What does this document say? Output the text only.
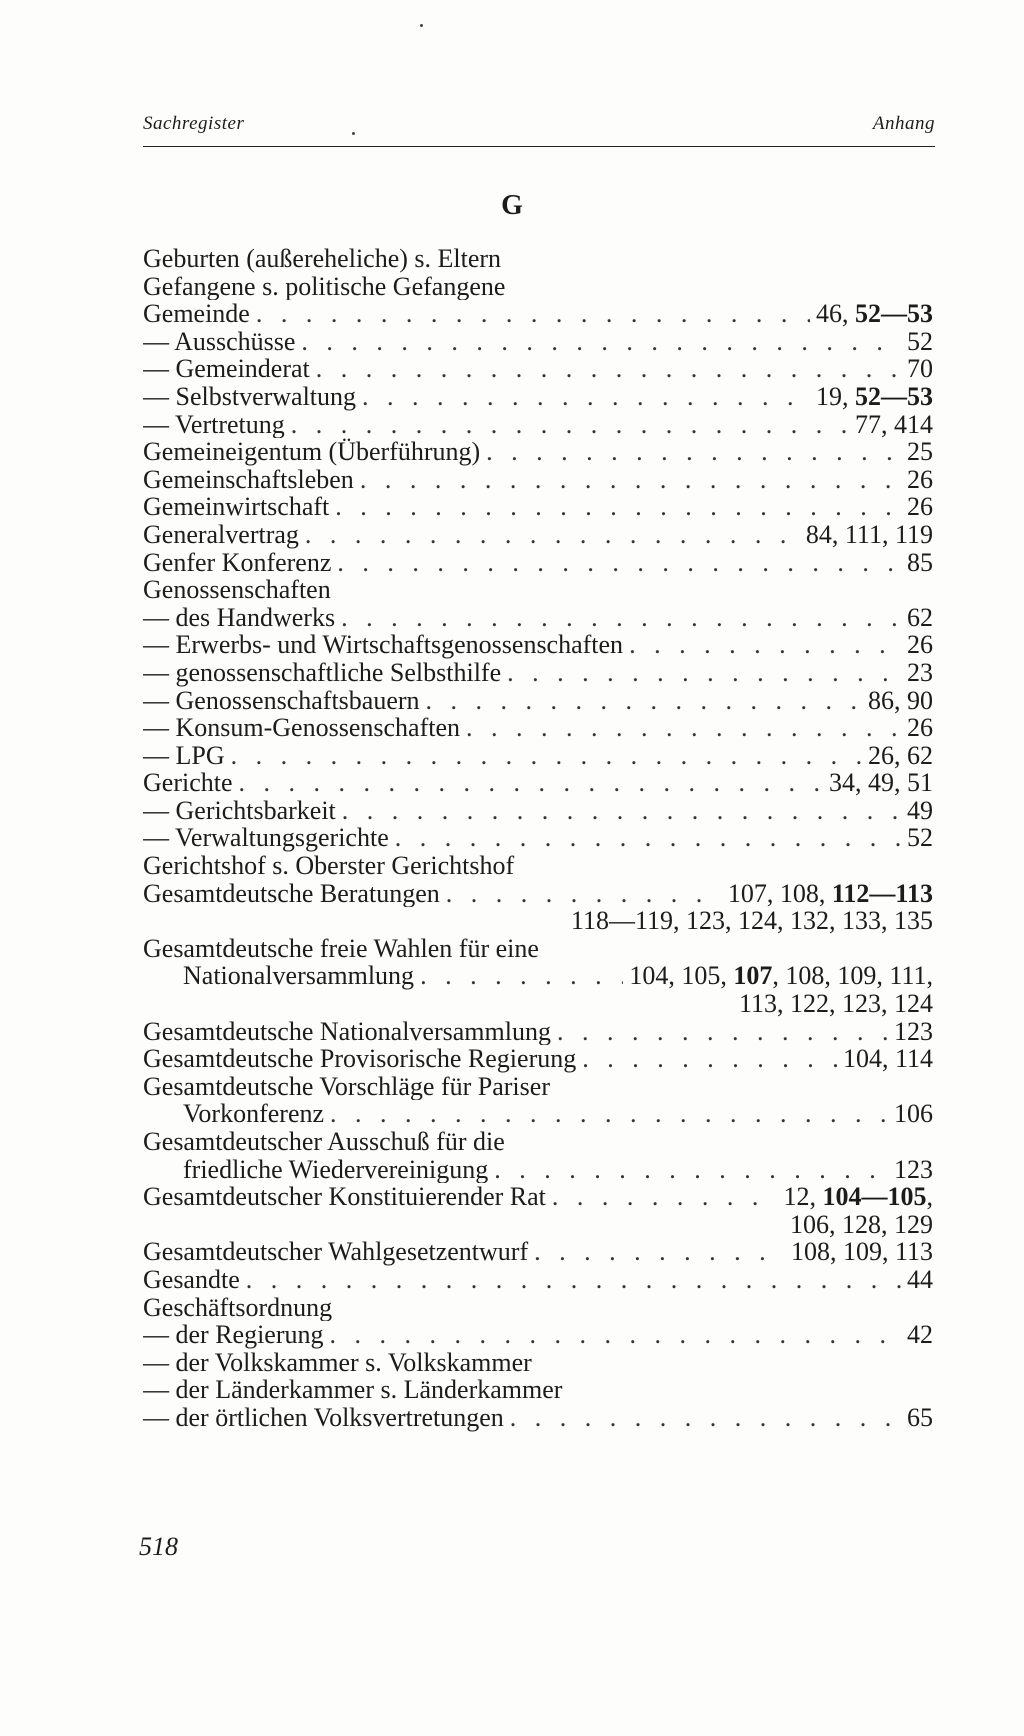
Sachregister	Anhang
G
Geburten (außereheliche) s. Eltern
Gefangene s. politische Gefangene
Gemeinde . . .	46, 52—53
— Ausschüsse . . .	52
— Gemeinderat . . .	70
— Selbstverwaltung . . .	19, 52—53
— Vertretung . . .	77, 414
Gemeineigentum (Überführung) . . .	25
Gemeinschaftsleben . . .	26
Gemeinwirtschaft . . .	26
Generalvertrag . . .	84, 111, 119
Genfer Konferenz . . .	85
Genossenschaften
— des Handwerks . . .	62
— Erwerbs- und Wirtschaftsgenossenschaften . . .	26
— genossenschaftliche Selbsthilfe . . .	23
— Genossenschaftsbauern . . .	86, 90
— Konsum-Genossenschaften . . .	26
— LPG . . .	26, 62
Gerichte . . .	34, 49, 51
— Gerichtsbarkeit . . .	49
— Verwaltungsgerichte . . .	52
Gerichtshof s. Oberster Gerichtshof
Gesamtdeutsche Beratungen . . .	107, 108, 112—113
118—119, 123, 124, 132, 133, 135
Gesamtdeutsche freie Wahlen für eine
Nationalversammlung . . .	104, 105, 107, 108, 109, 111,
113, 122, 123, 124
Gesamtdeutsche Nationalversammlung . . .	123
Gesamtdeutsche Provisorische Regierung . . .	104, 114
Gesamtdeutsche Vorschläge für Pariser
Vorkonferenz . . .	106
Gesamtdeutscher Ausschuß für die
friedliche Wiedervereinigung . . .	123
Gesamtdeutscher Konstituierender Rat . . .	12, 104—105,
106, 128, 129
Gesamtdeutscher Wahlgesetzentwurf . . .	108, 109, 113
Gesandte . . .	44
Geschäftsordnung
— der Regierung . . .	42
— der Volkskammer s. Volkskammer
— der Länderkammer s. Länderkammer
— der örtlichen Volksvertretungen . . .	65
518
